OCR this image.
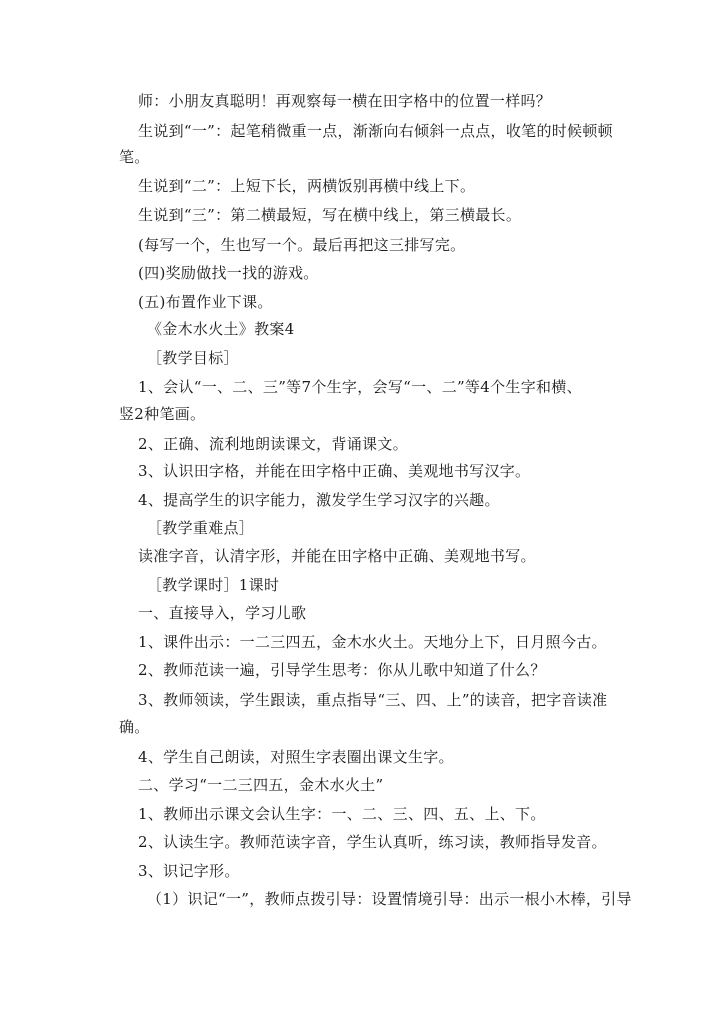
师：小朋友真聪明！再观察每一横在田字格中的位置一样吗？
生说到“一”：起笔稍微重一点，渐渐向右倾斜一点点，收笔的时候顿顿
笔。
生说到“二”：上短下长，两横饭别再横中线上下。
生说到“三”：第二横最短，写在横中线上，第三横最长。
(每写一个，生也写一个。最后再把这三排写完。
(四)奖励做找一找的游戏。
(五)布置作业下课。
《金木水火土》教案4
［教学目标］
1、会认“一、二、三”等7个生字，会写“一、二”等4个生字和横、
竖2种笔画。
2、正确、流利地朗读课文，背诵课文。
3、认识田字格，并能在田字格中正确、美观地书写汉字。
4、提高学生的识字能力，激发学生学习汉字的兴趣。
［教学重难点］
读准字音，认清字形，并能在田字格中正确、美观地书写。
［教学课时］1课时
一、直接导入，学习儿歌
1、课件出示：一二三四五，金木水火土。天地分上下，日月照今古。
2、教师范读一遍，引导学生思考：你从儿歌中知道了什么？
3、教师领读，学生跟读，重点指导“三、四、上”的读音，把字音读准
确。
4、学生自己朗读，对照生字表圈出课文生字。
二、学习“一二三四五，金木水火土”
1、教师出示课文会认生字：一、二、三、四、五、上、下。
2、认读生字。教师范读字音，学生认真听，练习读，教师指导发音。
3、识记字形。
（1）识记“一”，教师点拨引导：设置情境引导：出示一根小木棒，引导
